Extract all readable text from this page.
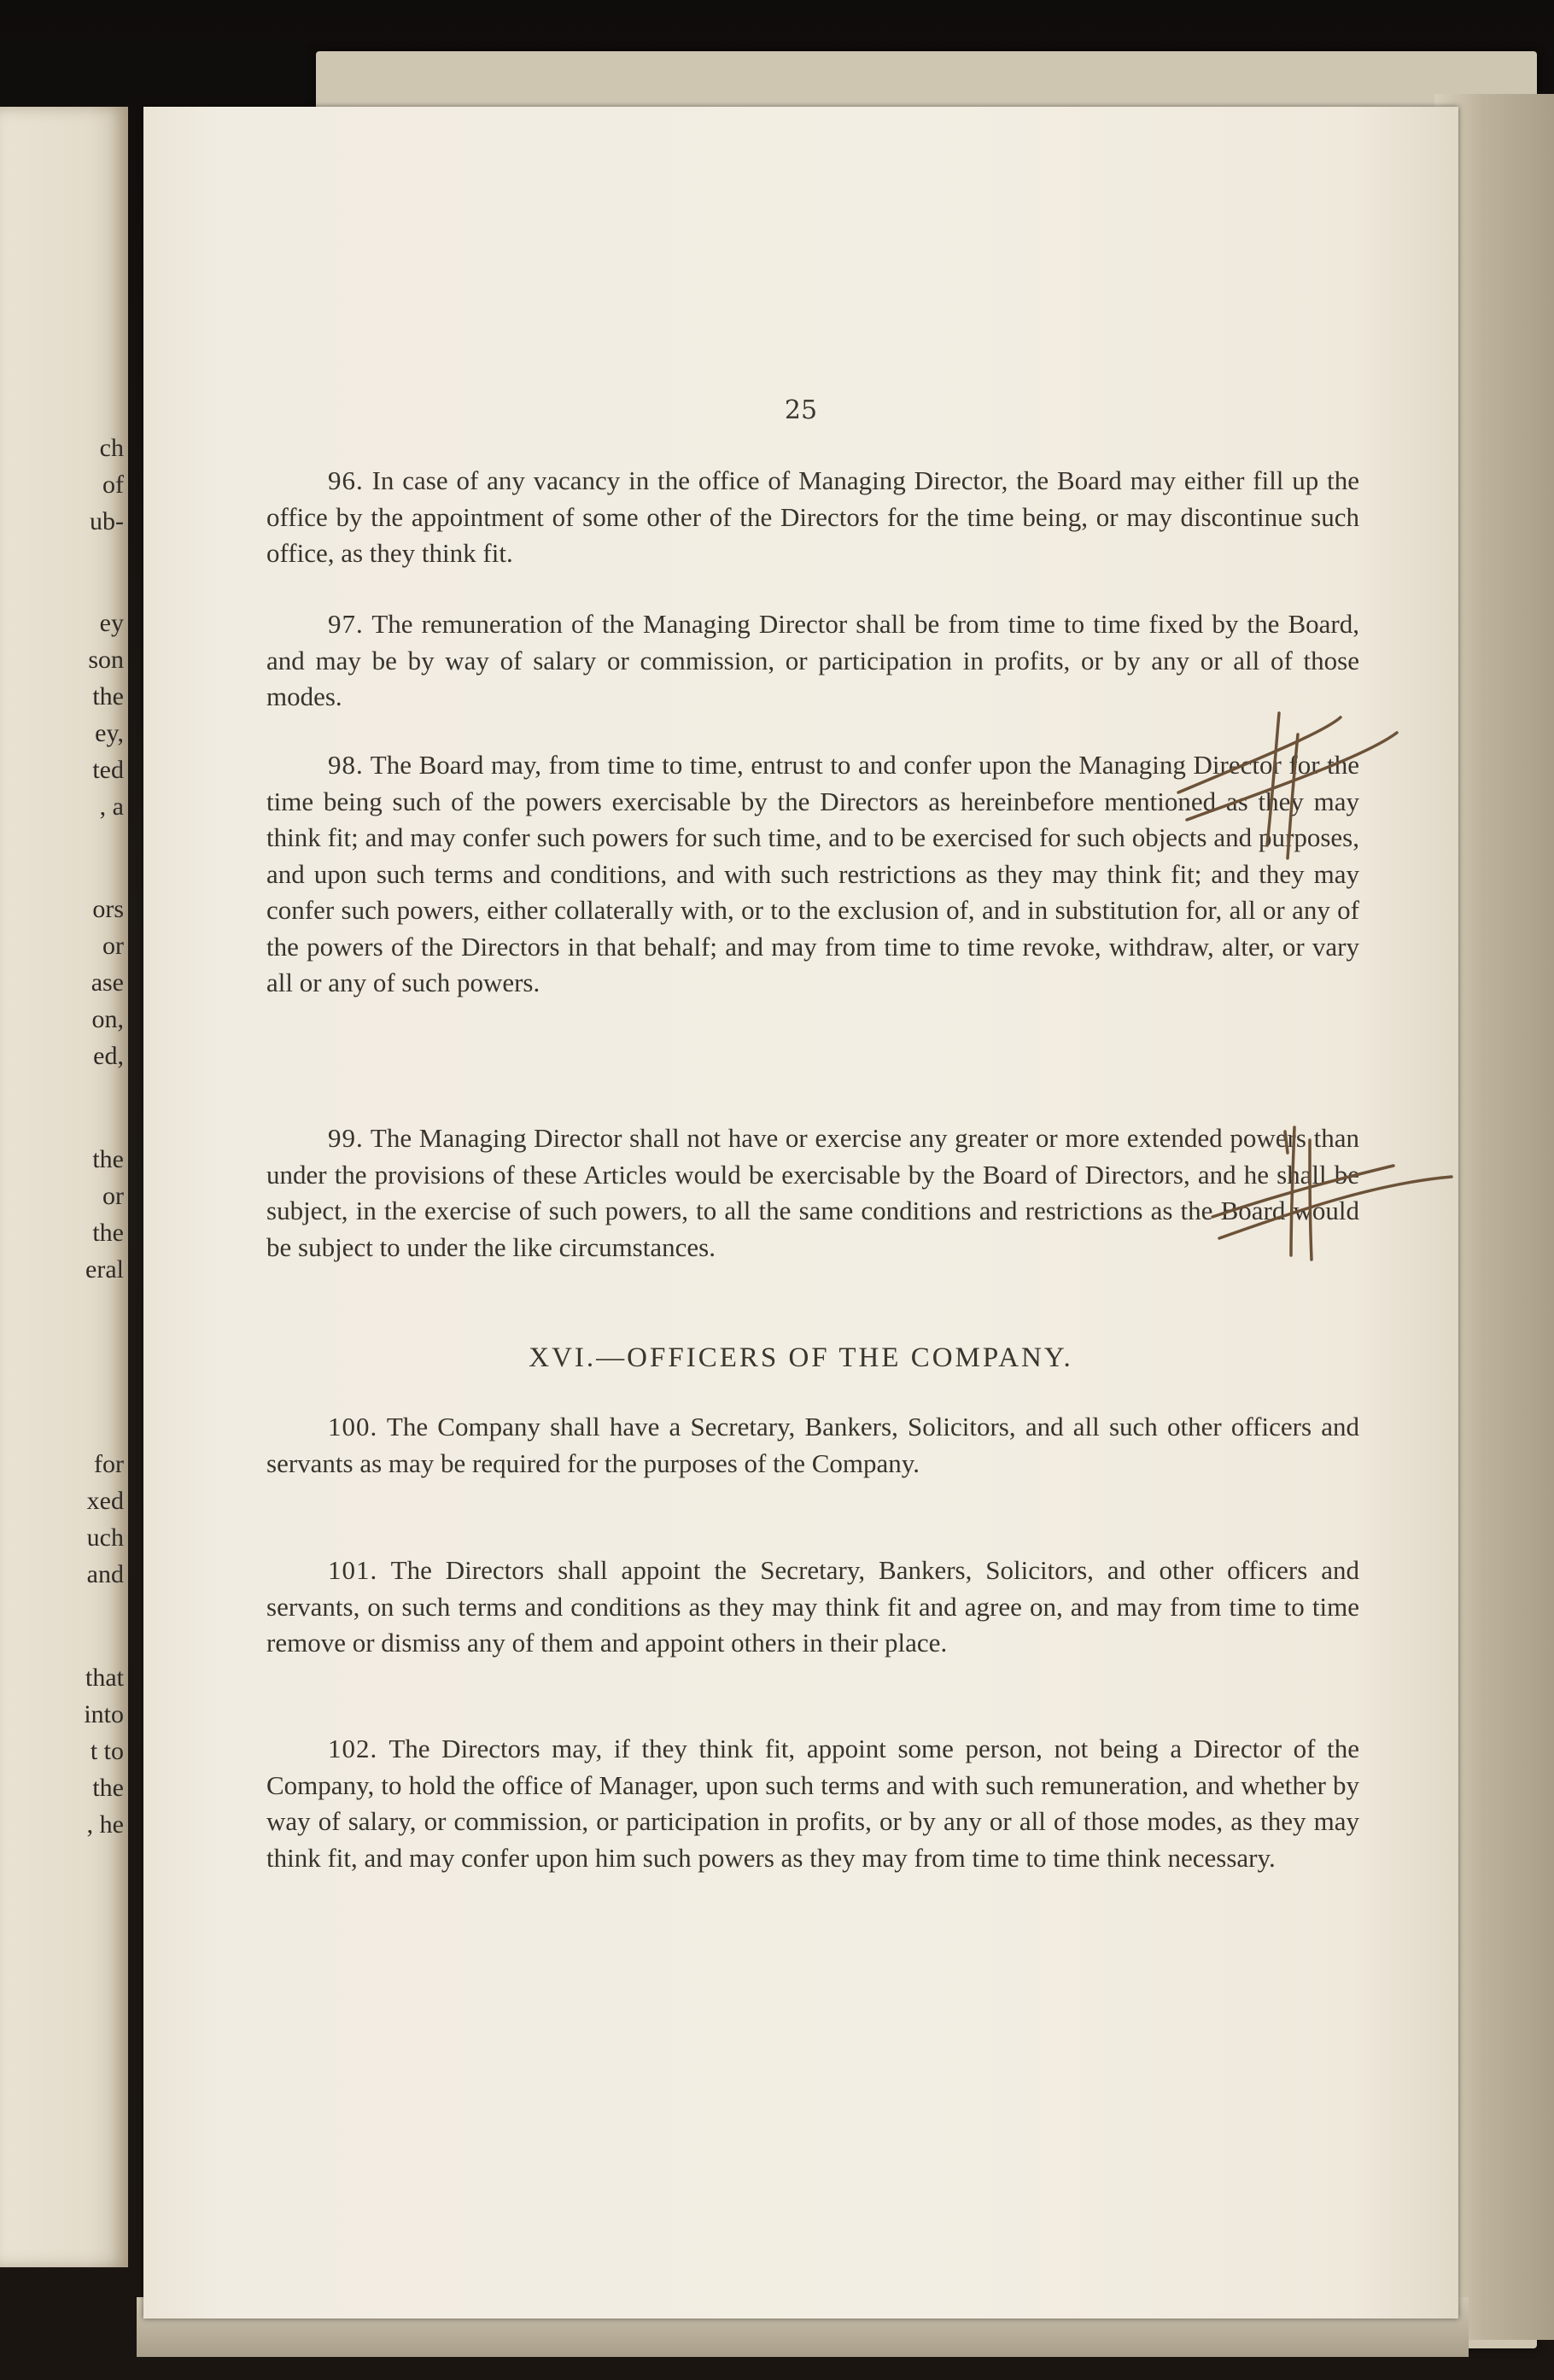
ch
of
ub-
ey
son
the
ey,
ted
, a
ors
or
ase
on,
ed,
the
or
the
eral
for
xed
uch
and
that
into
t to
the
, he
25

96. In case of any vacancy in the office of Managing Director, the Board may either fill up the office by the appointment of some other of the Directors for the time being, or may discontinue such office, as they think fit.

97. The remuneration of the Managing Director shall be from time to time fixed by the Board, and may be by way of salary or commission, or participation in profits, or by any or all of those modes.

98. The Board may, from time to time, entrust to and confer upon the Managing Director for the time being such of the powers exercisable by the Directors as hereinbefore mentioned as they may think fit; and may confer such powers for such time, and to be exercised for such objects and purposes, and upon such terms and conditions, and with such restrictions as they may think fit; and they may confer such powers, either collaterally with, or to the exclusion of, and in substitution for, all or any of the powers of the Directors in that behalf; and may from time to time revoke, withdraw, alter, or vary all or any of such powers.

99. The Managing Director shall not have or exercise any greater or more extended powers than under the provisions of these Articles would be exercisable by the Board of Directors, and he shall be subject, in the exercise of such powers, to all the same conditions and restrictions as the Board would be subject to under the like circumstances.

XVI.—OFFICERS OF THE COMPANY.

100. The Company shall have a Secretary, Bankers, Solicitors, and all such other officers and servants as may be required for the purposes of the Company.

101. The Directors shall appoint the Secretary, Bankers, Solicitors, and other officers and servants, on such terms and conditions as they may think fit and agree on, and may from time to time remove or dismiss any of them and appoint others in their place.

102. The Directors may, if they think fit, appoint some person, not being a Director of the Company, to hold the office of Manager, upon such terms and with such remuneration, and whether by way of salary, or commission, or participation in profits, or by any or all of those modes, as they may think fit, and may confer upon him such powers as they may from time to time think necessary.
